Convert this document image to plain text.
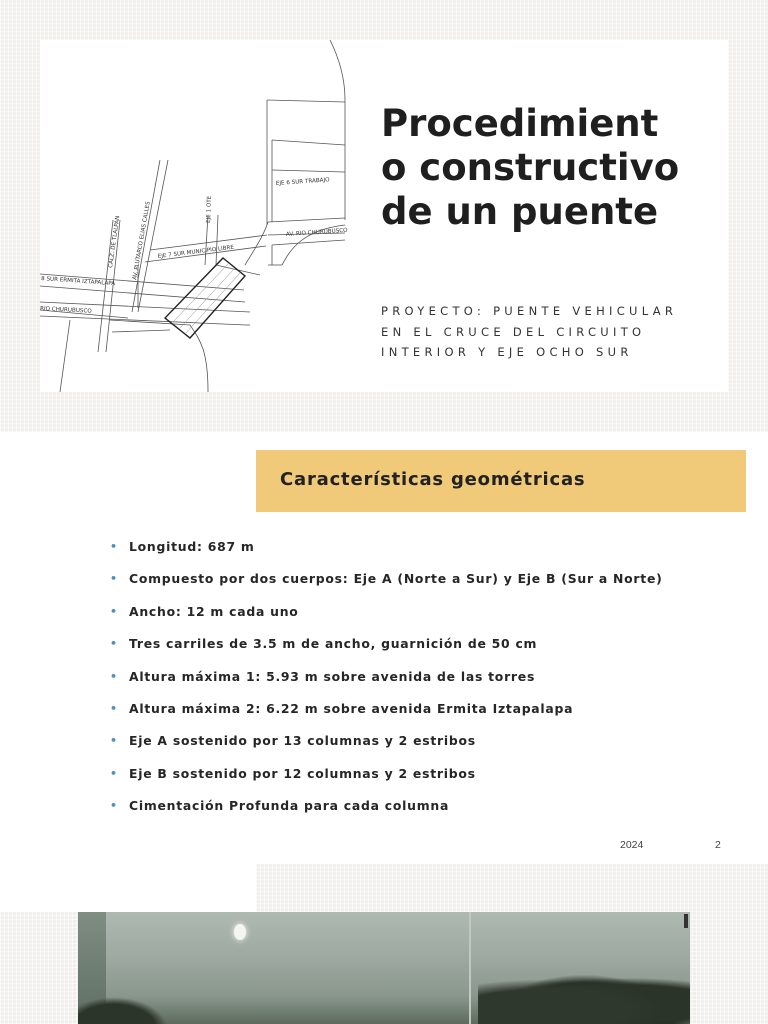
EJE 6 SUR TRABAJO
CALZ. DE TLALPAN AV. PLUTARCO ELIAS CALLES	EJE 1 OTE
EJE 7 SUR MUNICIPIO LIBRE
AV. RIO CHURUBUSCO
8 SUR ERMITA IZTAPALAPA
RIO CHURUBUSCO
Procedimient
o constructivo
de un puente

PROYECTO: PUENTE VEHICULAR
EN EL CRUCE DEL CIRCUITO
INTERIOR Y EJE OCHO SUR

Características geométricas
• Longitud: 687 m
• Compuesto por dos cuerpos: Eje A (Norte a Sur) y Eje B (Sur a Norte)
• Ancho: 12 m cada uno
• Tres carriles de 3.5 m de ancho, guarnición de 50 cm
• Altura máxima 1: 5.93 m sobre avenida de las torres
• Altura máxima 2: 6.22 m sobre avenida Ermita Iztapalapa
• Eje A sostenido por 13 columnas y 2 estribos
• Eje B sostenido por 12 columnas y 2 estribos
• Cimentación Profunda para cada columna
2024	2
